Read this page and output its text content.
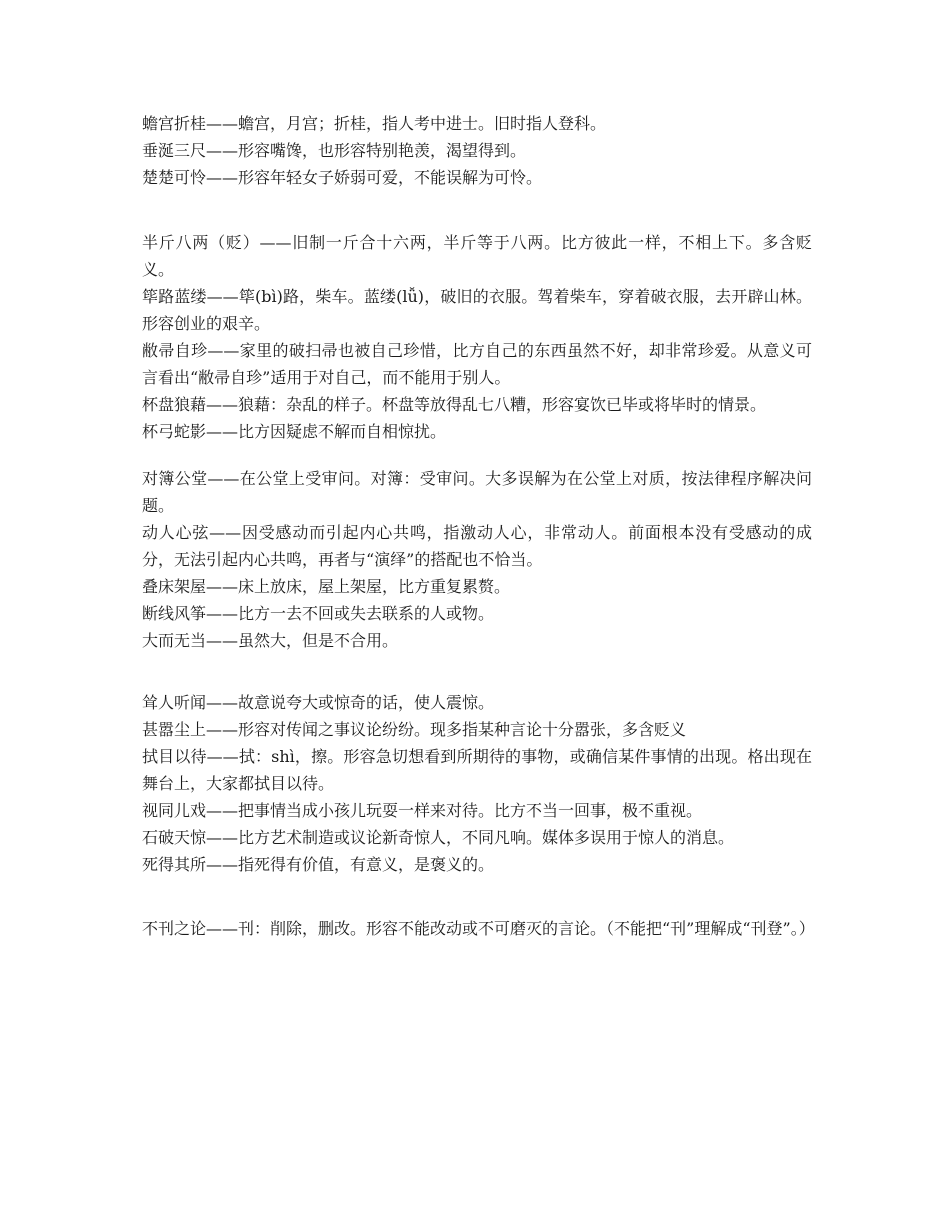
蟾宫折桂——蟾宫，月宫；折桂，指人考中进士。旧时指人登科。

垂涎三尺——形容嘴馋，也形容特别艳羡，渴望得到。

楚楚可怜——形容年轻女子娇弱可爱，不能误解为可怜。

半斤八两（贬）——旧制一斤合十六两，半斤等于八两。比方彼此一样，不相上下。多含贬义。

筚路蓝缕——筚(bì)路，柴车。蓝缕(lǚ)，破旧的衣服。驾着柴车，穿着破衣服，去开辟山林。形容创业的艰辛。

敝帚自珍——家里的破扫帚也被自己珍惜，比方自己的东西虽然不好，却非常珍爱。从意义可言看出“敝帚自珍”适用于对自己，而不能用于别人。

杯盘狼藉——狼藉：杂乱的样子。杯盘等放得乱七八糟，形容宴饮已毕或将毕时的情景。

杯弓蛇影——比方因疑虑不解而自相惊扰。

对簿公堂——在公堂上受审问。对簿：受审问。大多误解为在公堂上对质，按法律程序解决问题。

动人心弦——因受感动而引起内心共鸣，指激动人心，非常动人。前面根本没有受感动的成分，无法引起内心共鸣，再者与“演绎”的搭配也不恰当。

叠床架屋——床上放床，屋上架屋，比方重复累赘。

断线风筝——比方一去不回或失去联系的人或物。

大而无当——虽然大，但是不合用。

耸人听闻——故意说夸大或惊奇的话，使人震惊。

甚嚣尘上——形容对传闻之事议论纷纷。现多指某种言论十分嚣张，多含贬义

拭目以待——拭：shì，擦。形容急切想看到所期待的事物，或确信某件事情的出现。格出现在舞台上，大家都拭目以待。

视同儿戏——把事情当成小孩儿玩耍一样来对待。比方不当一回事，极不重视。

石破天惊——比方艺术制造或议论新奇惊人，不同凡响。媒体多误用于惊人的消息。

死得其所——指死得有价值，有意义，是褒义的。

不刊之论——刊：削除，删改。形容不能改动或不可磨灭的言论。（不能把“刊”理解成“刊登”。）
